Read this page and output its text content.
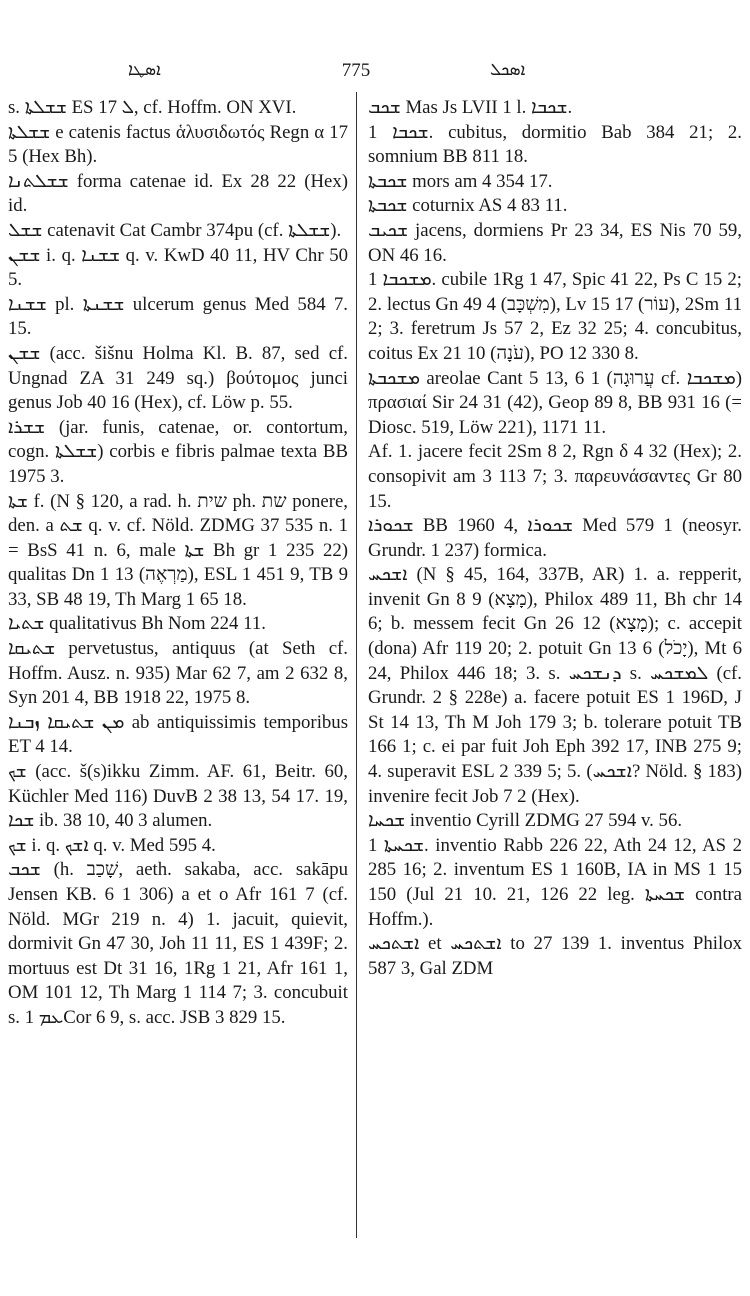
ܐܣܛܐ	775	ܐܣܟܠ
s. ܫܫܠܬܐ ES ܠ 17, cf. Hoffm. ON XVI.
ܫܫܠܬܐ e catenis factus ἁλυσιδωτός Regn α 17 5 (Hex Bh).
ܫܫܠܬܢܐ forma catenae id. Ex 28 22 (Hex) id.
ܫܫܠ catenavit Cat Cambr 374pu (cf. ܫܫܠܬܐ).
ܫܫܢ i. q. ܫܫܢܐ q. v. KwD 40 11, HV Chr 50 5.
ܫܫܢܐ pl. ܫܫܢܬܐ ulcerum genus Med 584 7. 15.
ܫܫܢ (acc. šišnu Holma Kl. B. 87, sed cf. Ungnad ZA 31 249 sq.) βούτομος junci genus Job 40 16 (Hex), cf. Löw p. 55.
ܫܫܪܐ (jar. funis, catenae, or. contortum, cogn. ܫܫܠܬܐ) corbis e fibris palmae texta BB 1975 3.
ܫܬܐ f. (N § 120, a rad. h. שית ph. שת ponere, den. a ܫܬ q. v. cf. Nöld. ZDMG 37 535 n. 1 = BsS 41 n. 6, male ܫܬܐ Bh gr 1 235 22) qualitas Dn 1 13 (מַרְאֶה), ESL 1 451 9, TB 9 33, SB 48 19, Th Marg 1 65 18.
ܫܬܝܐ qualitativus Bh Nom 224 11.
ܫܬܝܩܐ pervetustus, antiquus (at Seth cf. Hoffm. Ausz. n. 935) Mar 62 7, am 2 632 8, Syn 201 4, BB 1918 22, 1975 8.
ܡܢ ܫܬܝܩܐ ܙܒܢܐ ab antiquissimis temporibus ET 4 14.
ܫܟ (acc. š(s)ikku Zimm. AF. 61, Beitr. 60, Küchler Med 116) DuvB 2 38 13, 54 17. 19, ܫܟܐ ib. 38 10, 40 3 alumen.
ܫܟ i. q. ܐܫܟ q. v. Med 595 4.
ܫܟܒ (h. שָׁכַב, aeth. sakaba, acc. sakāpu Jensen KB. 6 1 306) a et o Afr 161 7 (cf. Nöld. MGr 219 n. 4) 1. jacuit, quievit, dormivit Gn 47 30, Joh 11 11, ES 1 439F; 2. mortuus est Dt 31 16, 1Rg 1 21, Afr 161 1, OM 101 12, Th Marg 1 114 7; 3. concubuit s. ܥܡ 1Cor 6 9, s. acc. JSB 3 829 15.
ܫܟܒ Mas Js LVII 1 l. ܫܟܒܐ.
ܫܟܒܐ 1. cubitus, dormitio Bab 384 21; 2. somnium BB 811 18.
ܫܟܒܬܐ mors am 4 354 17.
ܫܟܒܬܐ coturnix AS 4 83 11.
ܫܟܝܒ jacens, dormiens Pr 23 34, ES Nis 70 59, ON 46 16.
ܡܫܟܒܐ 1. cubile 1Rg 1 47, Spic 41 22, Ps C 15 2; 2. lectus Gn 49 4 (מִשְׁכָּב), Lv 15 17 (עוֹר), 2Sm 11 2; 3. feretrum Js 57 2, Ez 32 25; 4. concubitus, coitus Ex 21 10 (עֹנָה), PO 12 330 8.
ܡܫܟܒܬܐ areolae Cant 5 13, 6 1 (עֲרוּגָה cf. ܡܫܟܒܐ) πρασιαί Sir 24 31 (42), Geop 89 8, BB 931 16 (= Diosc. 519, Löw 221), 1171 11.
Af. 1. jacere fecit 2Sm 8 2, Rgn δ 4 32 (Hex); 2. consopivit am 3 113 7; 3. παρευνάσαντες Gr 80 15.
ܫܟܘܪܐ BB 1960 4, ܫܟܘܪܐ Med 579 1 (neosyr. Grundr. 1 237) formica.
ܐܫܟܚ (N § 45, 164, 337B, AR) 1. a. repperit, invenit Gn 8 9 (מָצָא), Philox 489 11, Bh chr 14 6; b. messem fecit Gn 26 12 (מָצָא); c. accepit (dona) Afr 119 20; 2. potuit Gn 13 6 (יָכֹל), Mt 6 24, Philox 446 18; 3. s. ܕܢܫܟܚ s. ܠܡܫܟܚ (cf. Grundr. 2 § 228e) a. facere potuit ES 1 196D, J St 14 13, Th M Joh 179 3; b. tolerare potuit TB 166 1; c. ei par fuit Joh Eph 392 17, INB 275 9; 4. superavit ESL 2 339 5; 5. (ܐܫܟܚ? Nöld. § 183) invenire fecit Job 7 2 (Hex).
ܫܟܚܐ inventio Cyrill ZDMG 27 594 v. 56.
ܫܟܚܬܐ 1. inventio Rabb 226 22, Ath 24 12, AS 2 285 16; 2. inventum ES 1 160B, IA in MS 1 15 150 (Jul 21 10. 21, 126 22 leg. ܫܟܚܬܐ contra Hoffm.).
ܐܫܬܟܚ et ܐܫܬܟܚ to 27 139 1. inventus Philox 587 3, Gal ZDM
